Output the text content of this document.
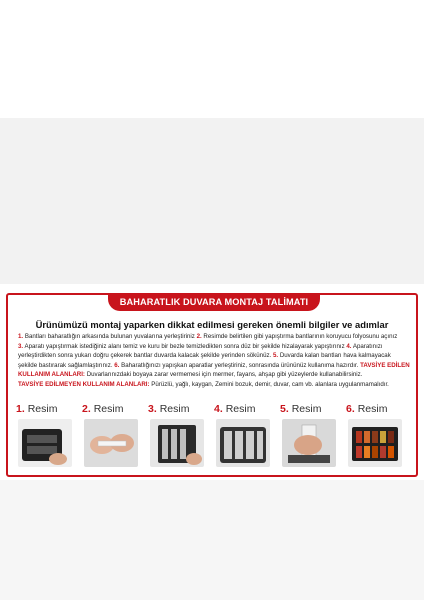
BAHARATLIK DUVARA MONTAJ TALİMATI
Ürünümüzü montaj yaparken dikkat edilmesi gereken önemli bilgiler ve adımlar
1. Bantları baharatlığın arkasında bulunan yuvalarına yerleştiriniz 2. Resimde belirtilen gibi yapıştırma bantlarının koruyucu folyosunu açınız
3. Aparatı yapıştırmak istediğiniz alanı temiz ve kuru bir bezle temizledikten sonra düz bir şekilde hizalayarak yapıştırınız 4. Aparatınızı yerleştirdikten sonra yukarı doğru çekerek bantlar duvarda kalacak şekilde yerinden sökünüz. 5. Duvarda kalan bantları hava kalmayacak şekilde bastırarak sağlamlaştırınız. 6. Baharatlığınızı yapışkan aparatlar yerleştiriniz, sonrasında ürününüz kullanıma hazırdır. TAVSİYE EDİLEN KULLANIM ALANLARI: Duvarlarınızdaki boyaya zarar vermemesi için mermer, fayans, ahşap gibi yüzeylerde kullanabilirsiniz.
TAVSİYE EDİLMEYEN KULLANIM ALANLARI: Pürüzlü, yağlı, kaygan, Zemini bozuk, demir, duvar, cam vb. alanlara uygulanmamalıdır.
1. Resim	2. Resim	3. Resim	4. Resim	5. Resim	6. Resim
